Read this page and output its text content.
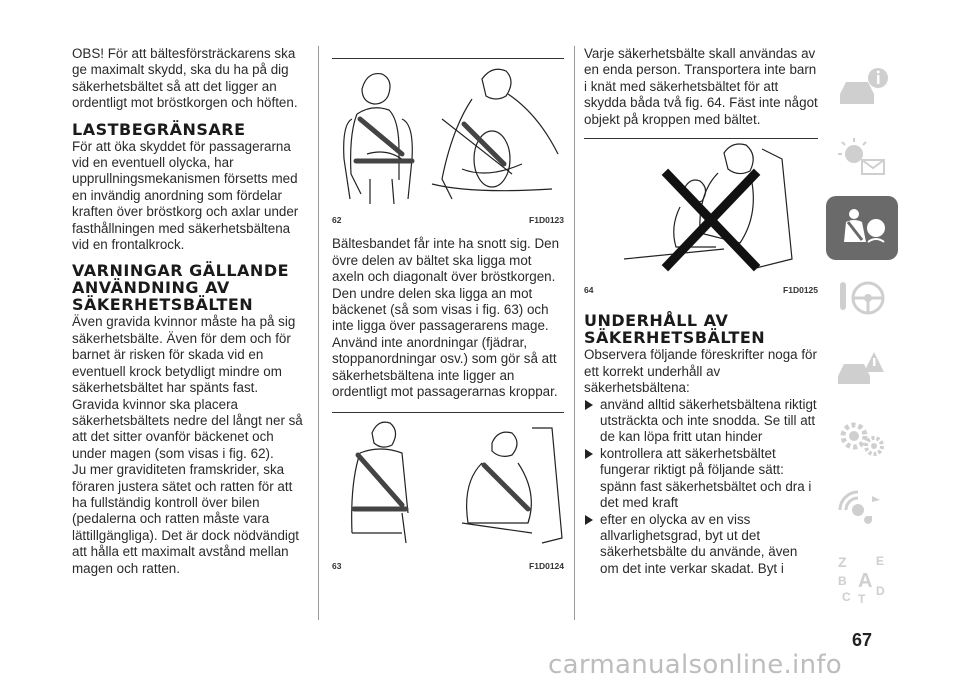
OBS! För att bältesförsträckarens ska ge maximalt skydd, ska du ha på dig säkerhetsbältet så att det ligger an ordentligt mot bröstkorgen och höften.

LASTBEGRÄNSARE

För att öka skyddet för passagerarna vid en eventuell olycka, har upprullningsmekanismen försetts med en invändig anordning som fördelar kraften över bröstkorg och axlar under fasthållningen med säkerhetsbältena vid en frontalkrock.

VARNINGAR GÄLLANDE ANVÄNDNING AV SÄKERHETSBÄLTEN

Även gravida kvinnor måste ha på sig säkerhetsbälte. Även för dem och för barnet är risken för skada vid en eventuell krock betydligt mindre om säkerhetsbältet har spänts fast. Gravida kvinnor ska placera säkerhetsbältets nedre del långt ner så att det sitter ovanför bäckenet och under magen (som visas i fig. 62).

Ju mer graviditeten framskrider, ska föraren justera sätet och ratten för att ha fullständig kontroll över bilen (pedalerna och ratten måste vara lättillgängliga). Det är dock nödvändigt att hålla ett maximalt avstånd mellan magen och ratten.

62	F1D0123

Bältesbandet får inte ha snott sig. Den övre delen av bältet ska ligga mot axeln och diagonalt över bröstkorgen. Den undre delen ska ligga an mot bäckenet (så som visas i fig. 63) och inte ligga över passagerarens mage. Använd inte anordningar (fjädrar, stoppanordningar osv.) som gör så att säkerhetsbältena inte ligger an ordentligt mot passagerarnas kroppar.

63	F1D0124

Varje säkerhetsbälte skall användas av en enda person. Transportera inte barn i knät med säkerhetsbältet för att skydda båda två fig. 64. Fäst inte något objekt på kroppen med bältet.

64	F1D0125
UNDERHÅLL AV SÄKERHETSBÄLTEN

Observera följande föreskrifter noga för ett korrekt underhåll av säkerhetsbältena:

använd alltid säkerhetsbältena riktigt utsträckta och inte snodda. Se till att de kan löpa fritt utan hinder
kontrollera att säkerhetsbältet fungerar riktigt på följande sätt: spänn fast säkerhetsbältet och dra i det med kraft
efter en olycka av en viss allvarlighetsgrad, byt ut det säkerhetsbälte du använde, även om det inte verkar skadat. Byt i	Z E
B A
C T
D
67
carmanualsonline.info
